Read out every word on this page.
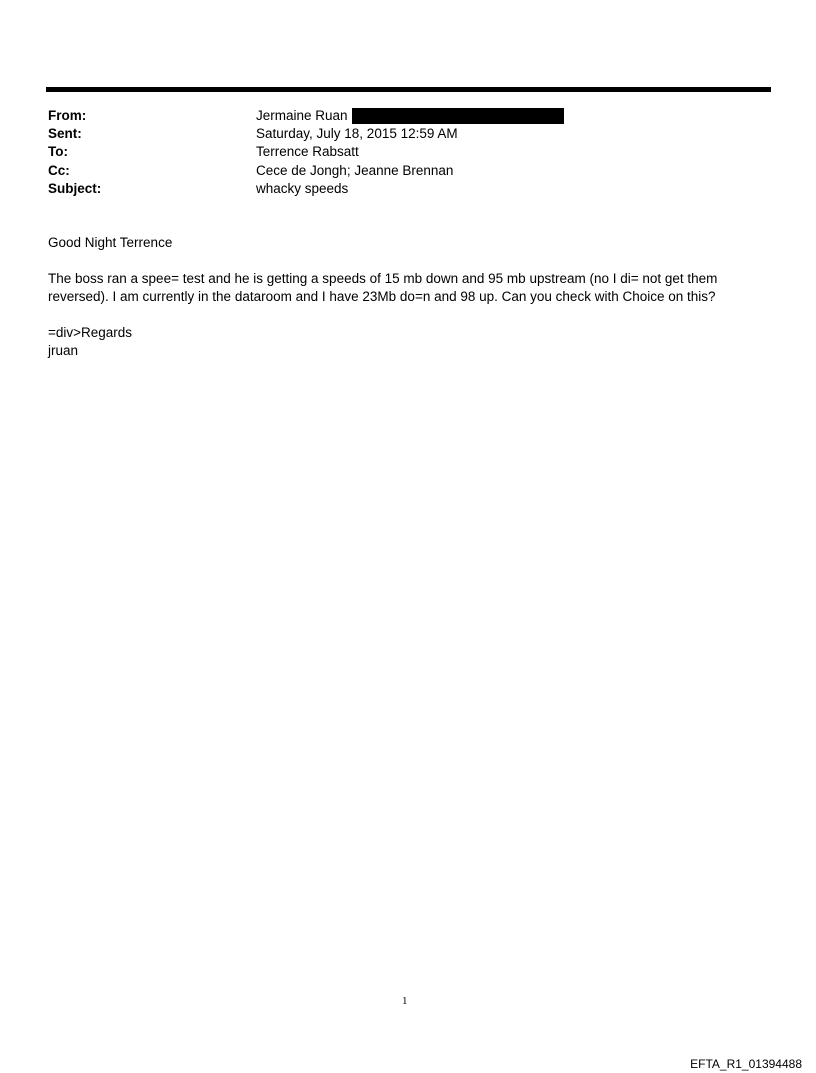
From:	Jermaine Ruan
Sent:	Saturday, July 18, 2015 12:59 AM
To:	Terrence Rabsatt
Cc:	Cece de Jongh; Jeanne Brennan
Subject:	whacky speeds

Good Night Terrence

The boss ran a spee= test and he is getting a speeds of 15 mb down and 95 mb upstream (no I di= not get them
reversed). I am currently in the dataroom and I have 23Mb do=n and 98 up. Can you check with Choice on this?

=div>Regards
jruan

1
EFTA_R1_01394488
